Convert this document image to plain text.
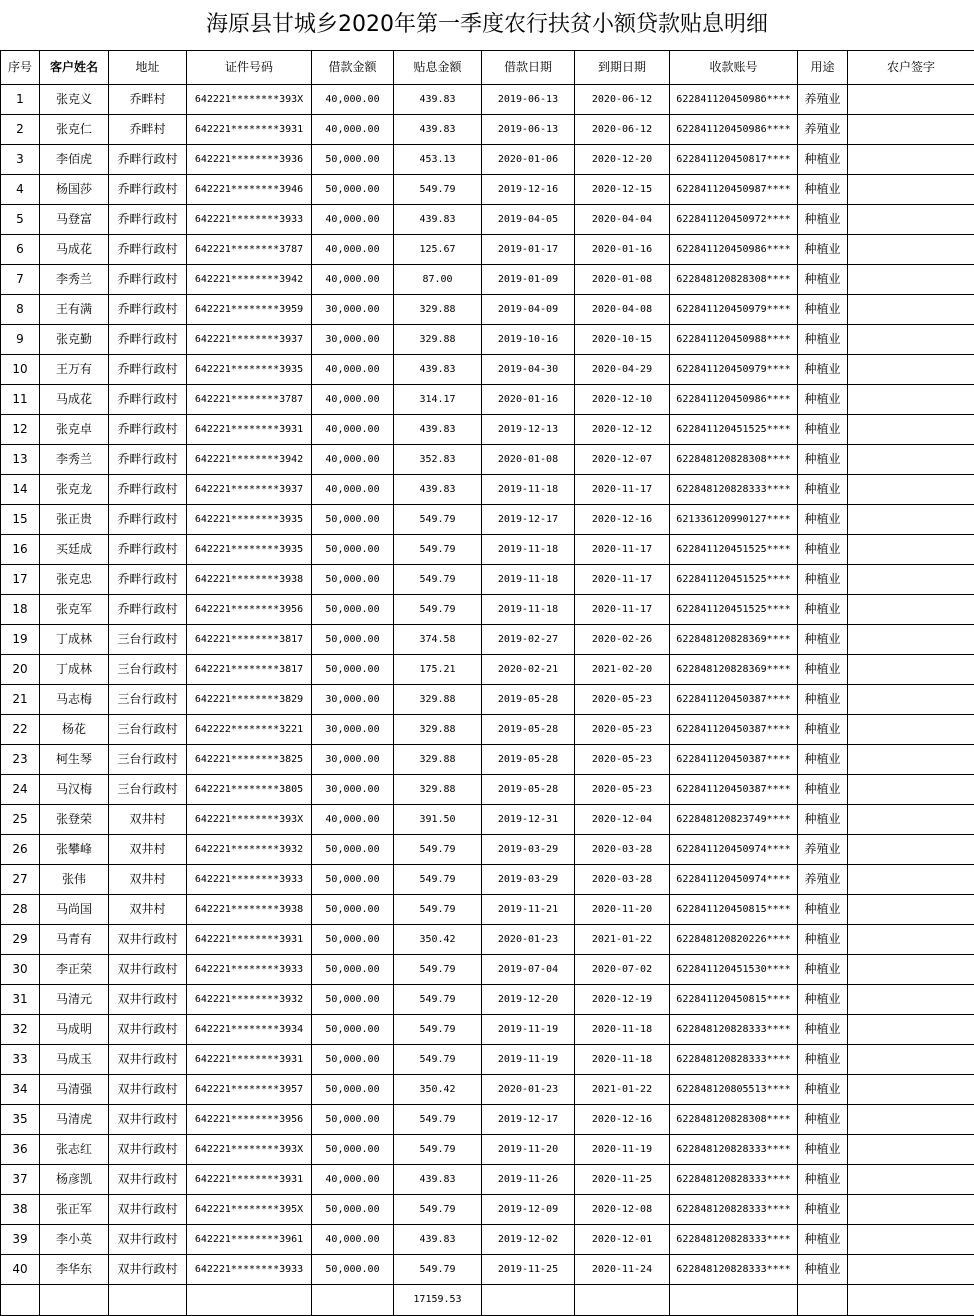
海原县甘城乡2020年第一季度农行扶贫小额贷款贴息明细
序号	客户姓名	地址	证件号码	借款金额	贴息金额	借款日期	到期日期	收款账号	用途	农户签字
1	张克义	乔畔村	642221********393X	40,000.00	439.83	2019-06-13	2020-06-12	62284112045098б****	养殖业	
2	张克仁	乔畔村	642221********3931	40,000.00	439.83	2019-06-13	2020-06-12	622841120450986****	养殖业	
3	李佰虎	乔畔行政村	642221********3936	50,000.00	453.13	2020-01-06	2020-12-20	622841120450817****	种植业	
4	杨国莎	乔畔行政村	642221********3946	50,000.00	549.79	2019-12-16	2020-12-15	622841120450987****	种植业	
5	马登富	乔畔行政村	642221********3933	40,000.00	439.83	2019-04-05	2020-04-04	622841120450972****	种植业	
6	马成花	乔畔行政村	642221********3787	40,000.00	125.67	2019-01-17	2020-01-16	622841120450986****	种植业	
7	李秀兰	乔畔行政村	642221********3942	40,000.00	87.00	2019-01-09	2020-01-08	622848120828308****	种植业	
8	王有满	乔畔行政村	642221********3959	30,000.00	329.88	2019-04-09	2020-04-08	622841120450979****	种植业	
9	张克勤	乔畔行政村	642221********3937	30,000.00	329.88	2019-10-16	2020-10-15	622841120450988****	种植业	
10	王万有	乔畔行政村	642221********3935	40,000.00	439.83	2019-04-30	2020-04-29	622841120450979****	种植业	
11	马成花	乔畔行政村	642221********3787	40,000.00	314.17	2020-01-16	2020-12-10	622841120450986****	种植业	
12	张克卓	乔畔行政村	642221********3931	40,000.00	439.83	2019-12-13	2020-12-12	622841120451525****	种植业	
13	李秀兰	乔畔行政村	642221********3942	40,000.00	352.83	2020-01-08	2020-12-07	622848120828308****	种植业	
14	张克龙	乔畔行政村	642221********3937	40,000.00	439.83	2019-11-18	2020-11-17	622848120828333****	种植业	
15	张正贵	乔畔行政村	642221********3935	50,000.00	549.79	2019-12-17	2020-12-16	621336120990127****	种植业	
16	买廷成	乔畔行政村	642221********3935	50,000.00	549.79	2019-11-18	2020-11-17	622841120451525****	种植业	
17	张克忠	乔畔行政村	642221********3938	50,000.00	549.79	2019-11-18	2020-11-17	622841120451525****	种植业	
18	张克军	乔畔行政村	642221********3956	50,000.00	549.79	2019-11-18	2020-11-17	622841120451525****	种植业	
19	丁成林	三台行政村	642221********3817	50,000.00	374.58	2019-02-27	2020-02-26	622848120828369****	种植业	
20	丁成林	三台行政村	642221********3817	50,000.00	175.21	2020-02-21	2021-02-20	622848120828369****	种植业	
21	马志梅	三台行政村	642221********3829	30,000.00	329.88	2019-05-28	2020-05-23	622841120450387****	种植业	
22	杨花	三台行政村	642222********3221	30,000.00	329.88	2019-05-28	2020-05-23	622841120450387****	种植业	
23	柯生琴	三台行政村	642221********3825	30,000.00	329.88	2019-05-28	2020-05-23	622841120450387****	种植业	
24	马汉梅	三台行政村	642221********3805	30,000.00	329.88	2019-05-28	2020-05-23	622841120450387****	种植业	
25	张登荣	双井村	642221********393X	40,000.00	391.50	2019-12-31	2020-12-04	622848120823749****	种植业	
26	张攀峰	双井村	642221********3932	50,000.00	549.79	2019-03-29	2020-03-28	622841120450974****	养殖业	
27	张伟	双井村	642221********3933	50,000.00	549.79	2019-03-29	2020-03-28	622841120450974****	养殖业	
28	马尚国	双井村	642221********3938	50,000.00	549.79	2019-11-21	2020-11-20	622841120450815****	种植业	
29	马青有	双井行政村	642221********3931	50,000.00	350.42	2020-01-23	2021-01-22	622848120820226****	种植业	
30	李正荣	双井行政村	642221********3933	50,000.00	549.79	2019-07-04	2020-07-02	622841120451530****	种植业	
31	马清元	双井行政村	642221********3932	50,000.00	549.79	2019-12-20	2020-12-19	622841120450815****	种植业	
32	马成明	双井行政村	642221********3934	50,000.00	549.79	2019-11-19	2020-11-18	622848120828333****	种植业	
33	马成玉	双井行政村	642221********3931	50,000.00	549.79	2019-11-19	2020-11-18	622848120828333****	种植业	
34	马清强	双井行政村	642221********3957	50,000.00	350.42	2020-01-23	2021-01-22	622848120805513****	种植业	
35	马清虎	双井行政村	642221********3956	50,000.00	549.79	2019-12-17	2020-12-16	622848120828308****	种植业	
36	张志红	双井行政村	642221********393X	50,000.00	549.79	2019-11-20	2020-11-19	622848120828333****	种植业	
37	杨彦凯	双井行政村	642221********3931	40,000.00	439.83	2019-11-26	2020-11-25	622848120828333****	种植业	
38	张正军	双井行政村	642221********395X	50,000.00	549.79	2019-12-09	2020-12-08	622848120828333****	种植业	
39	李小英	双井行政村	642221********3961	40,000.00	439.83	2019-12-02	2020-12-01	622848120828333****	种植业	
40	李华东	双井行政村	642221********3933	50,000.00	549.79	2019-11-25	2020-11-24	622848120828333****	种植业	
					17159.53					
